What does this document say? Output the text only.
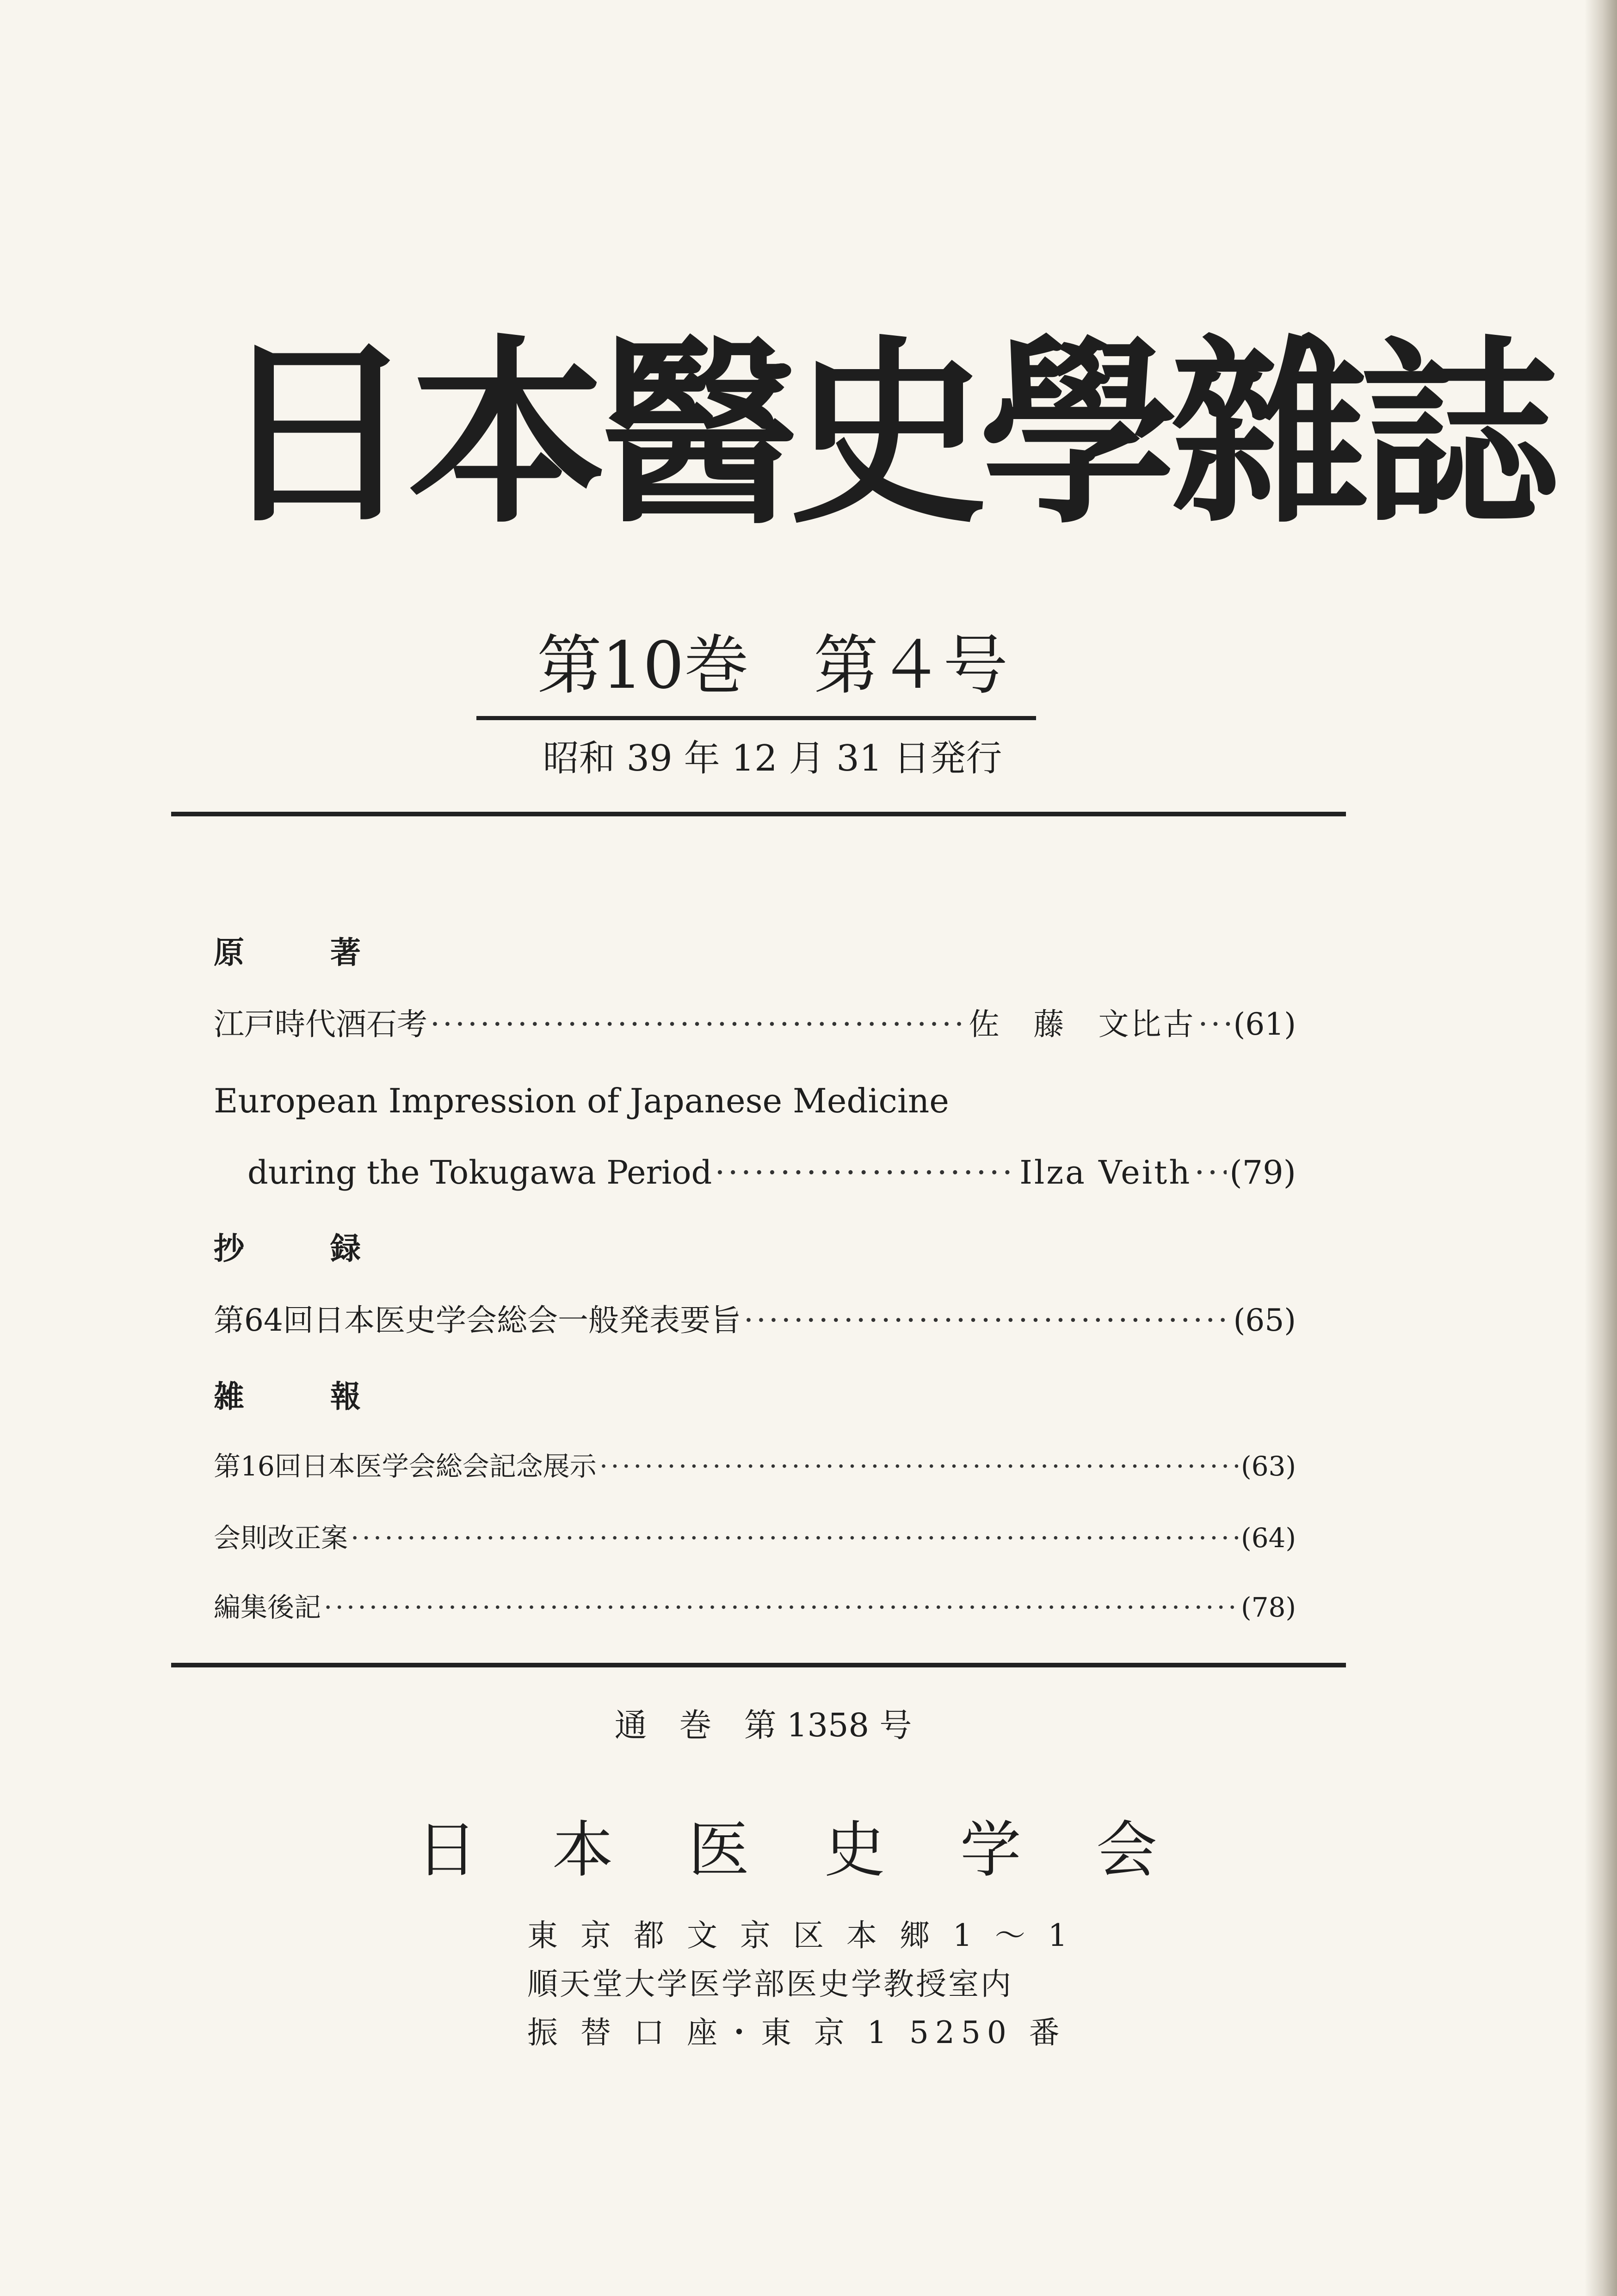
日本醫史學雜誌
第10巻　第４号
昭和 39 年 12 月 31 日発行
原　著
江戸時代酒石考 ·····	佐　藤　文比古 ····· (61)
European Impression of Japanese Medicine
during the Tokugawa Period ·····	Ilza Veith ····· (79)
抄　録
第64回日本医史学会総会一般発表要旨 ·····	(65)
雑　報
第16回日本医学会総会記念展示 ·····	(63)
会則改正案 ·····	(64)
編集後記 ·····	(78)
通　巻　第 1358 号
日 本 医 史 学 会
東 京 都 文 京 区 本 郷 1 ～ 1
順天堂大学医学部医史学教授室内
振 替 口 座・東 京 1 5250 番
